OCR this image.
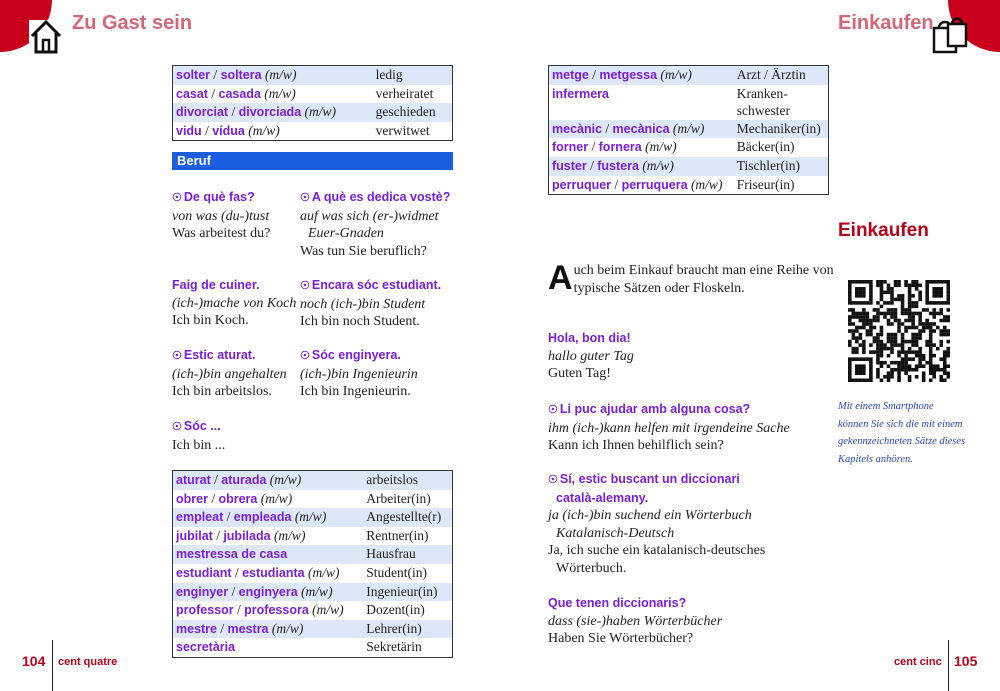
Zu Gast sein	Einkaufen
solter / soltera (m/w)	ledig
casat / casada (m/w)	verheiratet
divorciat / divorciada (m/w)	geschieden
vidu / vídua (m/w)	verwitwet
Beruf
☉ De què fas?
von was (du-)tust
Was arbeitest du?
☉ A què es dedica vostè?
auf was sich (er-)widmet
Euer-Gnaden
Was tun Sie beruflich?
Faig de cuiner.
(ich-)mache von Koch
Ich bin Koch.
☉ Encara sóc estudiant.
noch (ich-)bin Student
Ich bin noch Student.
☉ Estic aturat.
(ich-)bin angehalten
Ich bin arbeitslos.
☉ Sóc enginyera.
(ich-)bin Ingenieurin
Ich bin Ingenieurin.
☉ Sóc ...
Ich bin ...
aturat / aturada (m/w)	arbeitslos
obrer / obrera (m/w)	Arbeiter(in)
empleat / empleada (m/w)	Angestellte(r)
jubilat / jubilada (m/w)	Rentner(in)
mestressa de casa	Hausfrau
estudiant / estudianta (m/w)	Student(in)
enginyer / enginyera (m/w)	Ingenieur(in)
professor / professora (m/w)	Dozent(in)
mestre / mestra (m/w)	Lehrer(in)
secretària	Sekretärin
metge / metgessa (m/w)	Arzt / Ärztin
infermera	Kranken-
schwester

mecànic / mecànica (m/w)	Mechaniker(in)
forner / fornera (m/w)	Bäcker(in)
fuster / fustera (m/w)	Tischler(in)
perruquer / perruquera (m/w)	Friseur(in)
Einkaufen
Auch beim Einkauf braucht man eine Reihe von typische Sätzen oder Floskeln.
Mit einem Smartphone können Sie sich die mit einem gekennzeichneten Sätze dieses Kapitels anhören.
Hola, bon dia!
hallo guter Tag
Guten Tag!
☉ Li puc ajudar amb alguna cosa?
ihm (ich-)kann helfen mit irgendeine Sache
Kann ich Ihnen behilflich sein?
☉ Sí, estic buscant un diccionari
català-alemany.
ja (ich-)bin suchend ein Wörterbuch
Katalanisch-Deutsch
Ja, ich suche ein katalanisch-deutsches
Wörterbuch.
Que tenen diccionaris?
dass (sie-)haben Wörterbücher
Haben Sie Wörterbücher?
104 cent quatre	cent cinc 105
